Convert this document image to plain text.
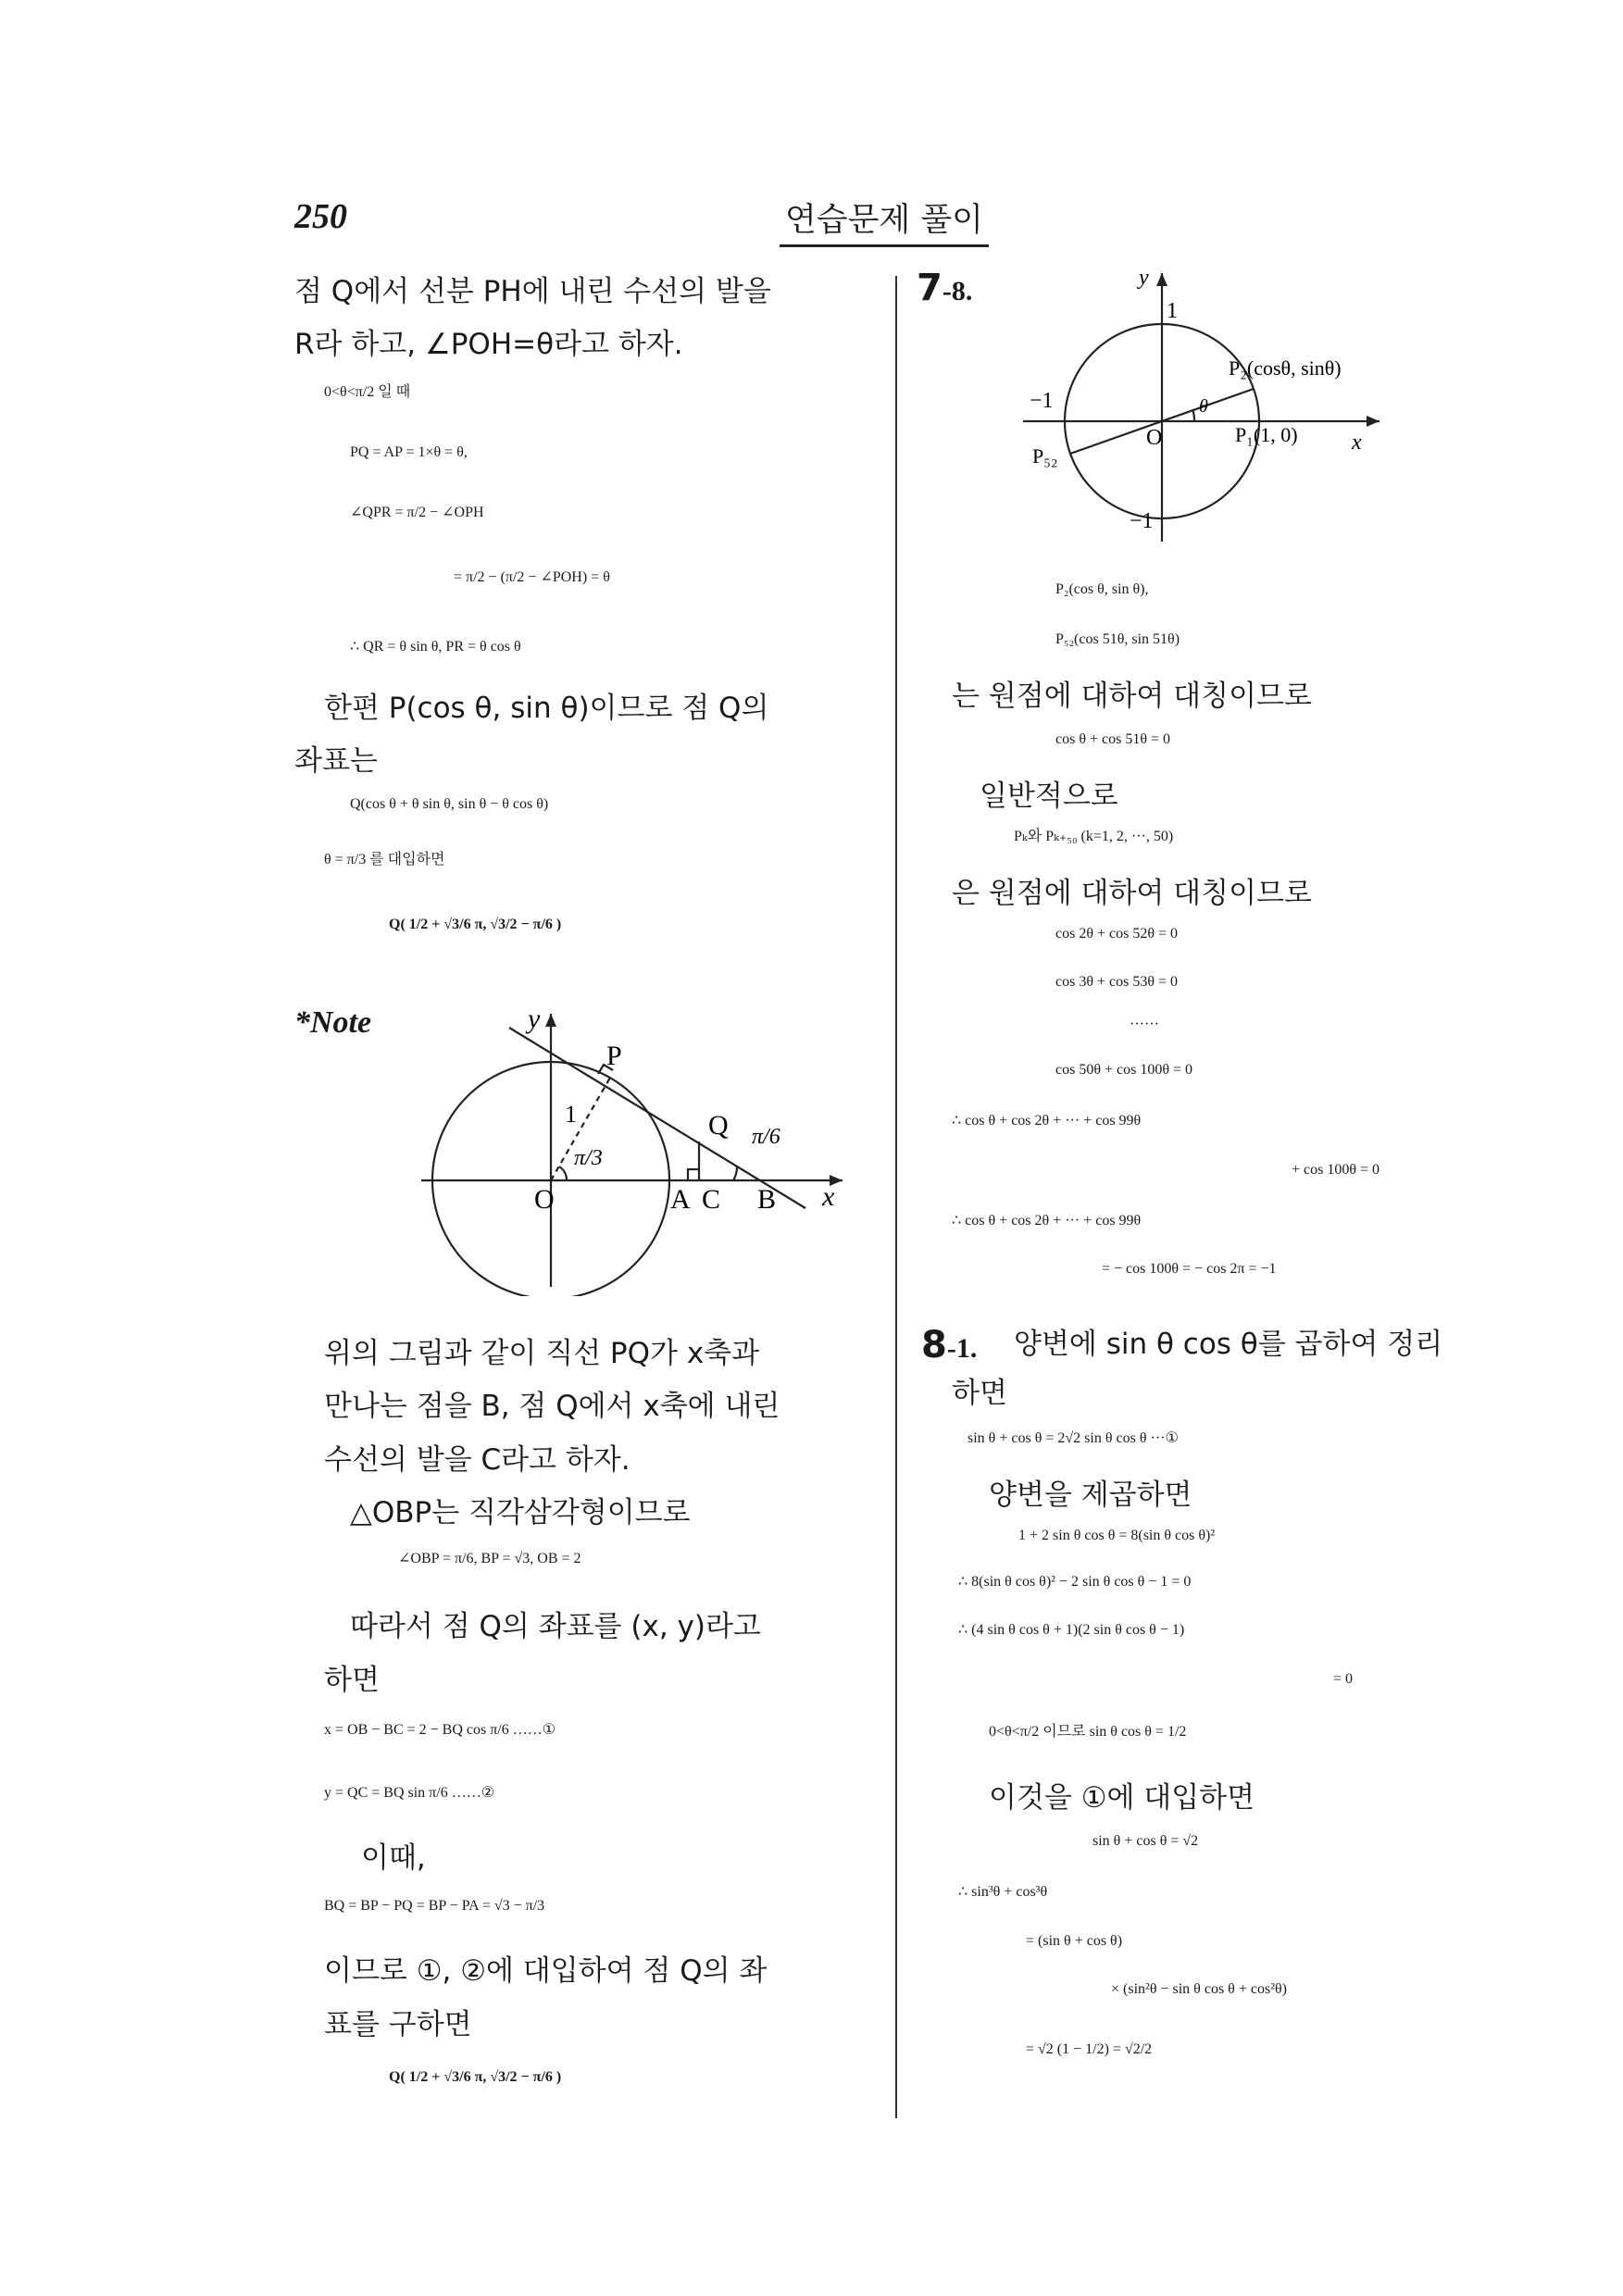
250	연습문제 풀이
점 Q에서 선분 PH에 내린 수선의 발을
R라 하고, ∠POH=θ라고 하자.
0<θ<π/2 일 때
PQ = AP = 1×θ = θ,
∠QPR = π/2 − ∠OPH
= π/2 − (π/2 − ∠POH) = θ
∴ QR = θ sin θ, PR = θ cos θ
한편 P(cos θ, sin θ)이므로 점 Q의
좌표는
Q(cos θ + θ sin θ, sin θ − θ cos θ)
θ = π/3 를 대입하면
Q( 1/2 + √3/6 π, √3/2 − π/6 )
*Note	y
x
P
Q
O	A C B
1
π/3
π/6
위의 그림과 같이 직선 PQ가 x축과
만나는 점을 B, 점 Q에서 x축에 내린
수선의 발을 C라고 하자.
△OBP는 직각삼각형이므로
∠OBP = π/6, BP = √3, OB = 2
따라서 점 Q의 좌표를 (x, y)라고
하면
x = OB − BC = 2 − BQ cos π/6 ……①
y = QC = BQ sin π/6 ……②
이때,
BQ = BP − PQ = BP − PA = √3 − π/3
이므로 ①, ②에 대입하여 점 Q의 좌
표를 구하면
Q( 1/2 + √3/6 π, √3/2 − π/6 )
7-8.	y
x
1
−1
−1
O
θ
P₂(cosθ, sinθ)
P₁(1, 0)
P₅₂
P₂(cos θ, sin θ),
P₅₂(cos 51θ, sin 51θ)
는 원점에 대하여 대칭이므로
cos θ + cos 51θ = 0
일반적으로
Pₖ와 Pₖ₊₅₀ (k=1, 2, ···, 50)
은 원점에 대하여 대칭이므로
cos 2θ + cos 52θ = 0
cos 3θ + cos 53θ = 0
······
cos 50θ + cos 100θ = 0
∴ cos θ + cos 2θ + ··· + cos 99θ
+ cos 100θ = 0
∴ cos θ + cos 2θ + ··· + cos 99θ
= − cos 100θ = − cos 2π = −1
8-1. 양변에 sin θ cos θ를 곱하여 정리
하면
sin θ + cos θ = 2√2 sin θ cos θ ···①
양변을 제곱하면
1 + 2 sin θ cos θ = 8(sin θ cos θ)²
∴ 8(sin θ cos θ)² − 2 sin θ cos θ − 1 = 0
∴ (4 sin θ cos θ + 1)(2 sin θ cos θ − 1)
= 0
0<θ<π/2 이므로 sin θ cos θ = 1/2
이것을 ①에 대입하면
sin θ + cos θ = √2
∴ sin³θ + cos³θ
= (sin θ + cos θ)
× (sin²θ − sin θ cos θ + cos²θ)
= √2 (1 − 1/2) = √2/2
